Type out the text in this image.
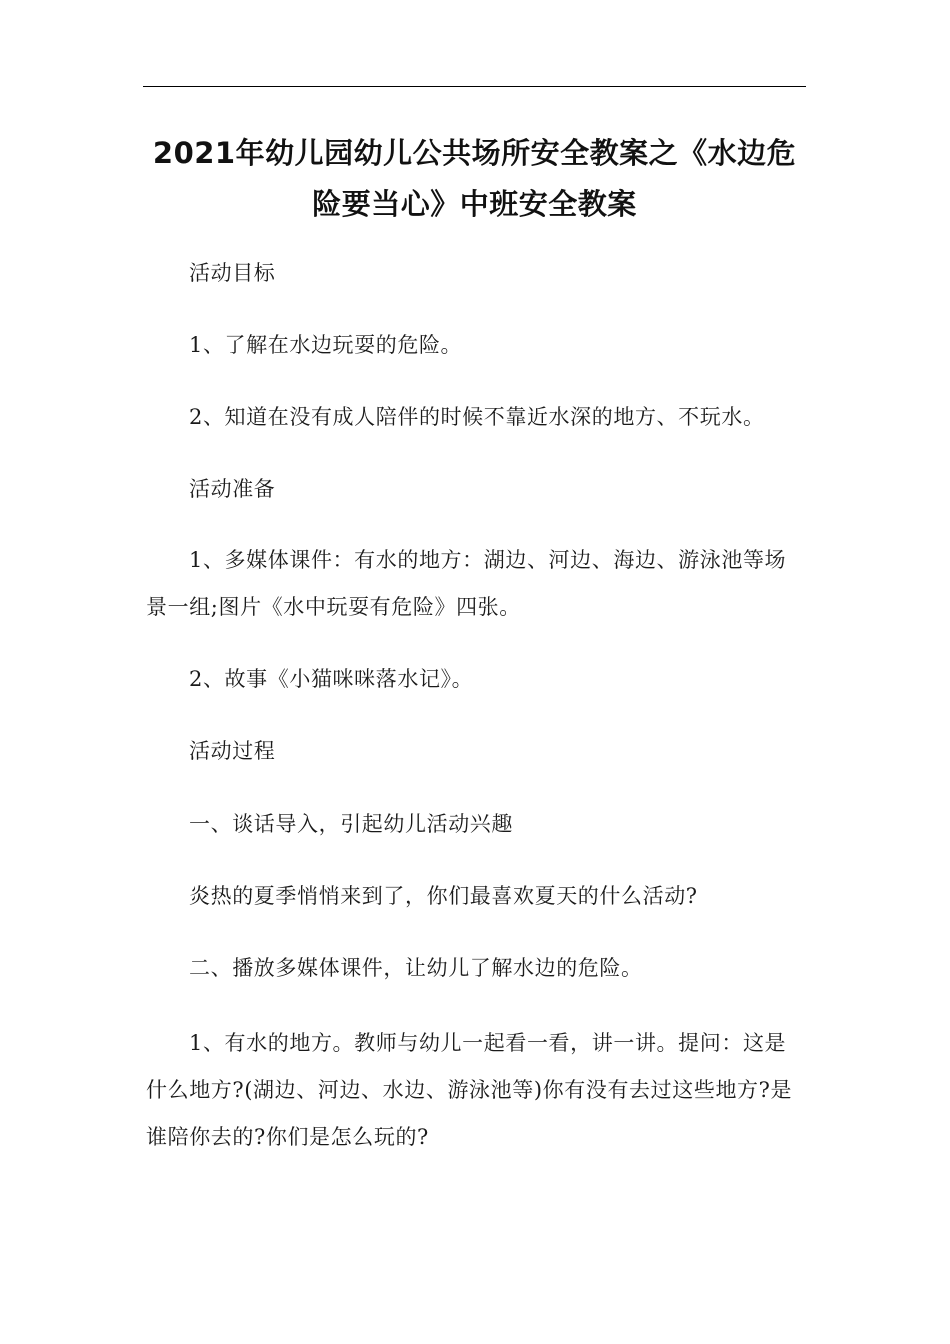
2021年幼儿园幼儿公共场所安全教案之《水边危险要当心》中班安全教案

活动目标

1、了解在水边玩耍的危险。

2、知道在没有成人陪伴的时候不靠近水深的地方、不玩水。

活动准备

1、多媒体课件：有水的地方：湖边、河边、海边、游泳池等场景一组;图片《水中玩耍有危险》四张。

2、故事《小猫咪咪落水记》。

活动过程

一、谈话导入，引起幼儿活动兴趣

炎热的夏季悄悄来到了，你们最喜欢夏天的什么活动?

二、播放多媒体课件，让幼儿了解水边的危险。

1、有水的地方。教师与幼儿一起看一看，讲一讲。提问：这是什么地方?(湖边、河边、水边、游泳池等)你有没有去过这些地方?是谁陪你去的?你们是怎么玩的?
